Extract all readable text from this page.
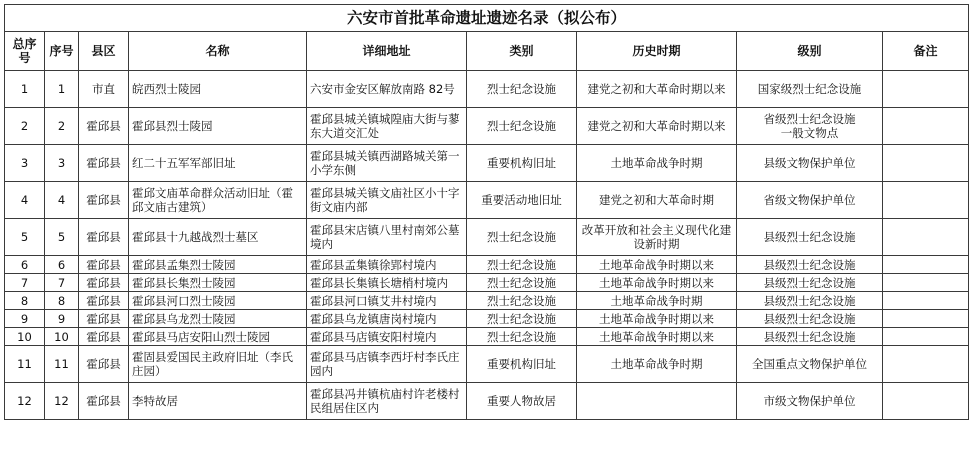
六安市首批革命遗址遗迹名录（拟公布）								
总序号	序号	县区	名称	详细地址	类别	历史时期	级别	备注
1	1	市直	皖西烈士陵园	六安市金安区解放南路 82号	烈士纪念设施	建党之初和大革命时期以来	国家级烈士纪念设施	
2	2	霍邱县	霍邱县烈士陵园	霍邱县城关镇城隍庙大街与蓼东大道交汇处	烈士纪念设施	建党之初和大革命时期以来	省级烈士纪念设施
一般文物点	
3	3	霍邱县	红二十五军军部旧址	霍邱县城关镇西湖路城关第一小学东侧	重要机构旧址	土地革命战争时期	县级文物保护单位	
4	4	霍邱县	霍邱文庙革命群众活动旧址（霍邱文庙古建筑）	霍邱县城关镇文庙社区小十字街文庙内部	重要活动地旧址	建党之初和大革命时期	省级文物保护单位	
5	5	霍邱县	霍邱县十九越战烈士墓区	霍邱县宋店镇八里村南郊公墓境内	烈士纪念设施	改革开放和社会主义现代化建设新时期	县级烈士纪念设施	
6	6	霍邱县	霍邱县孟集烈士陵园	霍邱县孟集镇徐郢村境内	烈士纪念设施	土地革命战争时期以来	县级烈士纪念设施	
7	7	霍邱县	霍邱县长集烈士陵园	霍邱县长集镇长塘梢村境内	烈士纪念设施	土地革命战争时期以来	县级烈士纪念设施	
8	8	霍邱县	霍邱县河口烈士陵园	霍邱县河口镇艾井村境内	烈士纪念设施	土地革命战争时期	县级烈士纪念设施	
9	9	霍邱县	霍邱县乌龙烈士陵园	霍邱县乌龙镇唐岗村境内	烈士纪念设施	土地革命战争时期以来	县级烈士纪念设施	
10	10	霍邱县	霍邱县马店安阳山烈士陵园	霍邱县马店镇安阳村境内	烈士纪念设施	土地革命战争时期以来	县级烈士纪念设施	
11	11	霍邱县	霍固县爱国民主政府旧址（李氏庄园）	霍邱县马店镇李西圩村李氏庄园内	重要机构旧址	土地革命战争时期	全国重点文物保护单位	
12	12	霍邱县	李特故居	霍邱县冯井镇杭庙村许老楼村民组居住区内	重要人物故居		市级文物保护单位	
